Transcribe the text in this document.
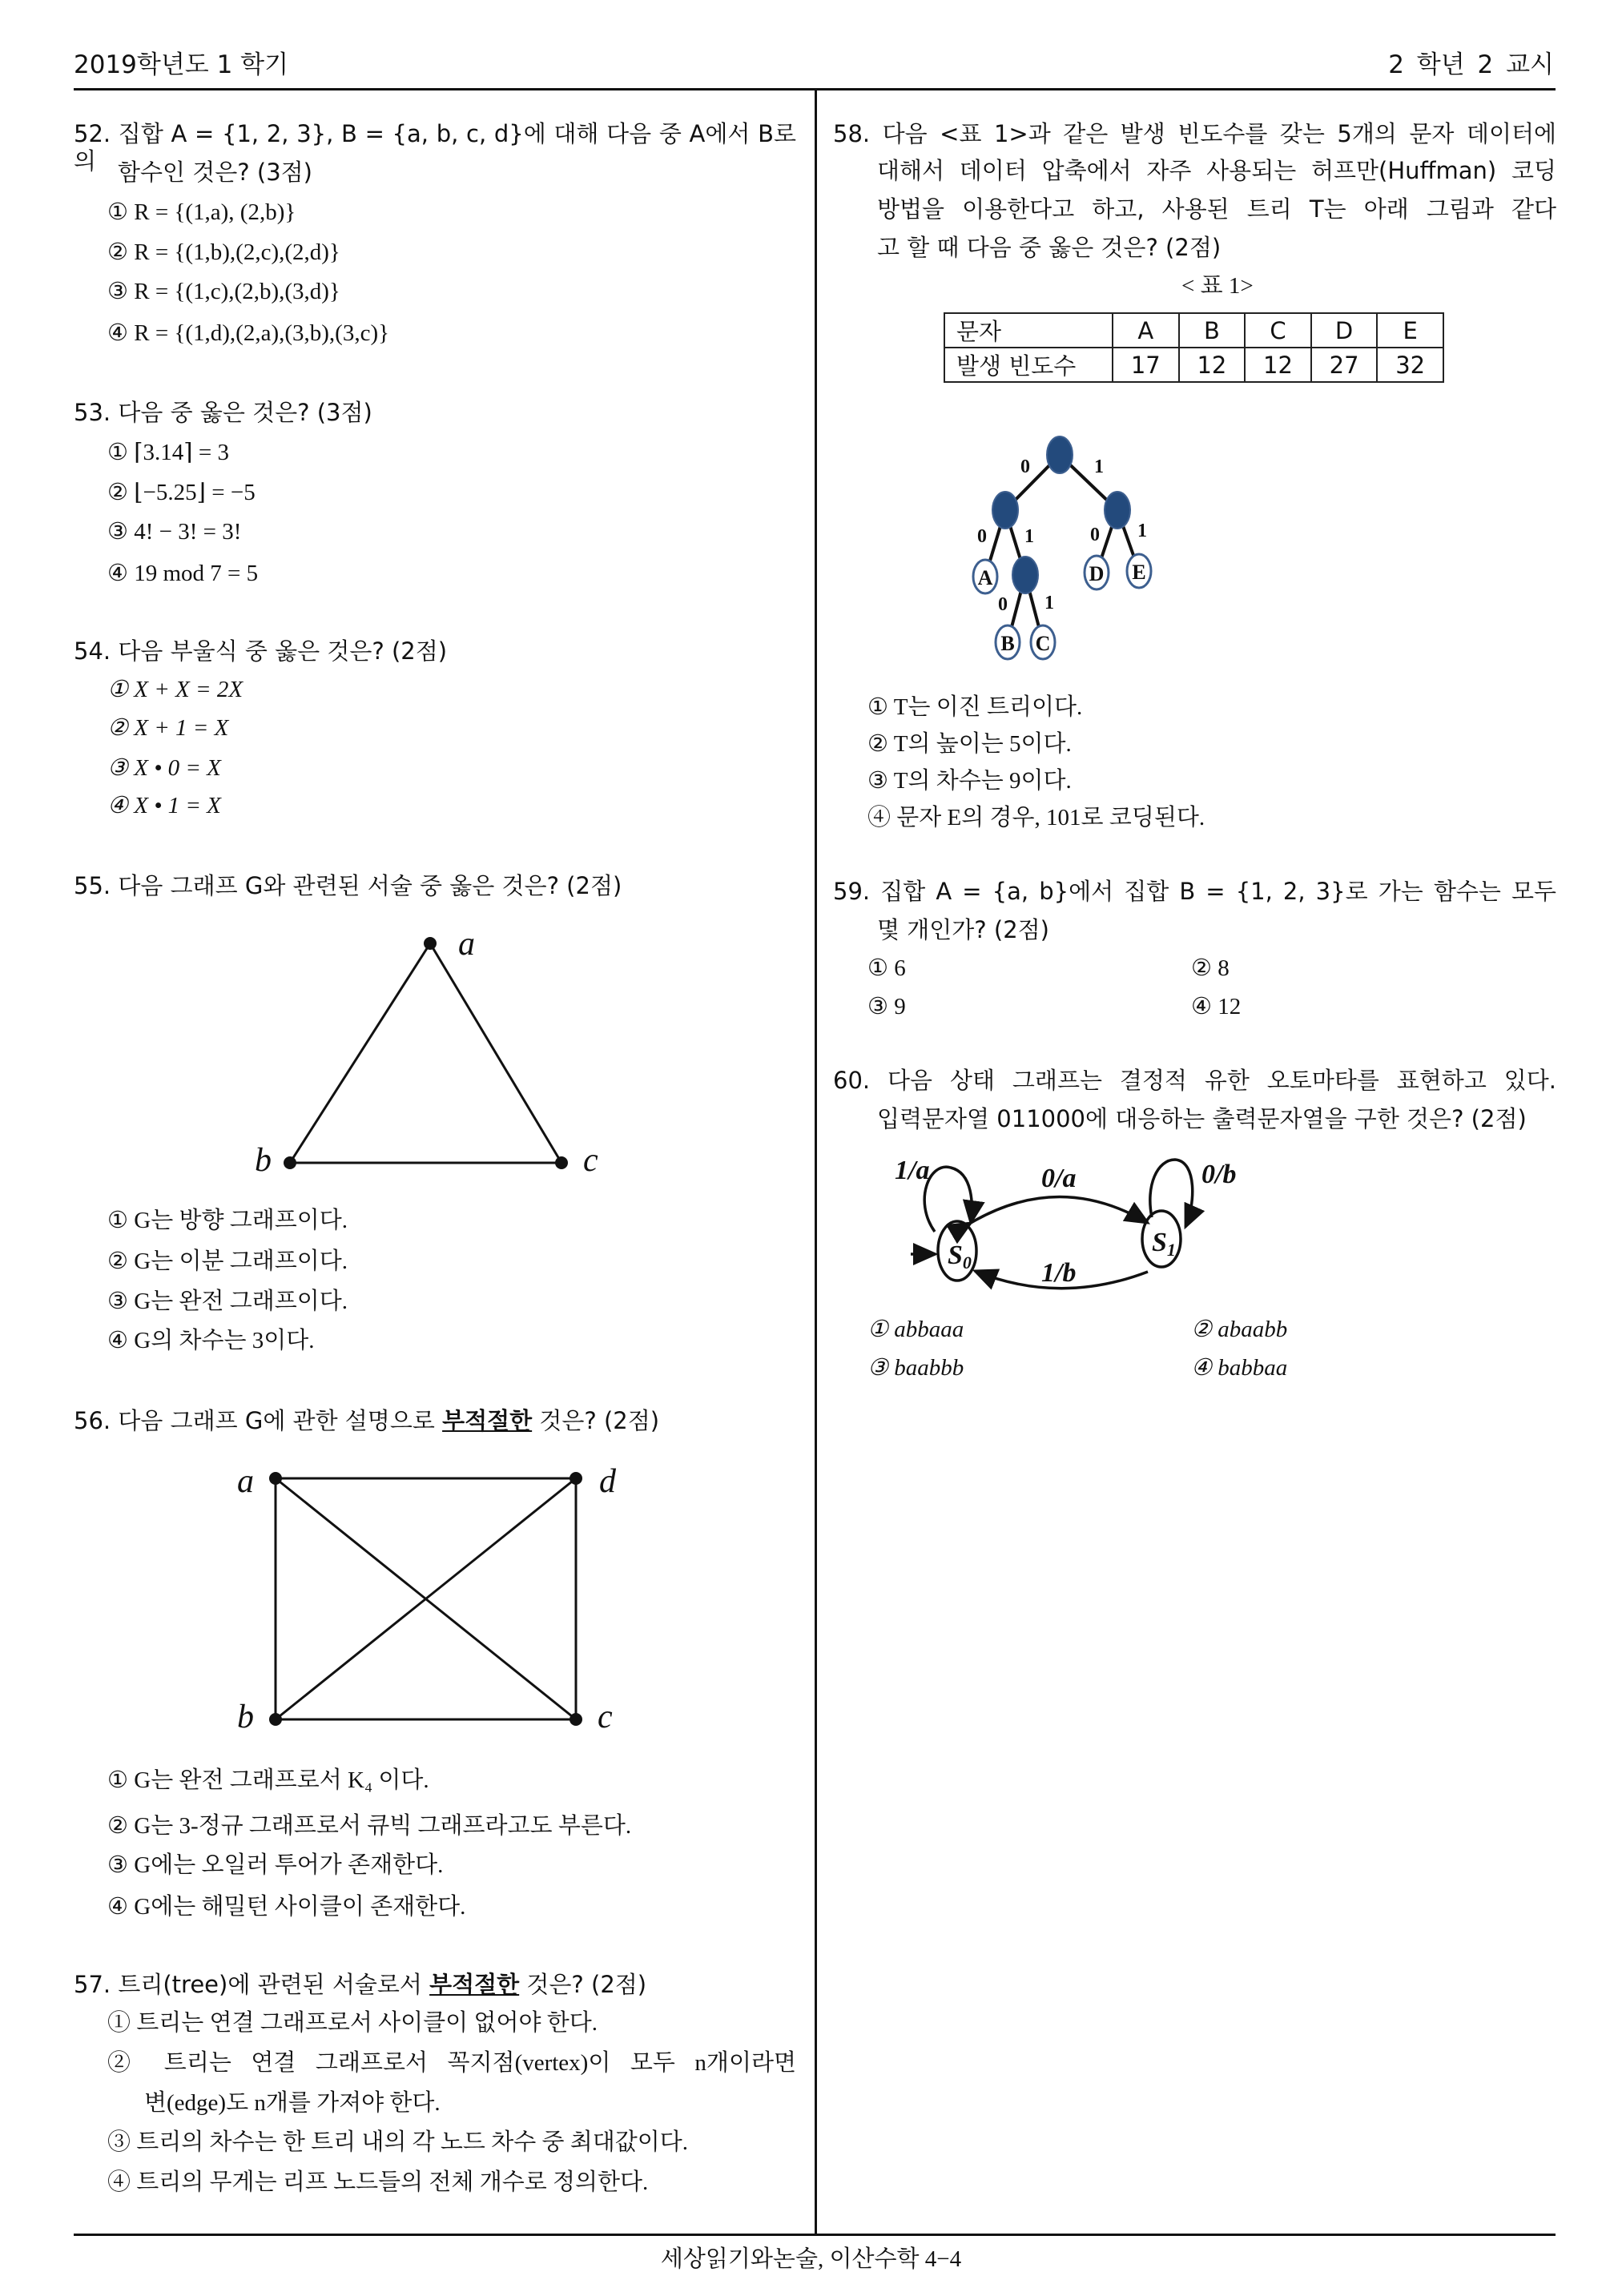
2019학년도 1 학기	2 학년 2 교시
세상읽기와논술, 이산수학 4−4
52. 집합 A = {1, 2, 3}, B = {a, b, c, d}에 대해 다음 중 A에서 B로의 함수인 것은? (3점)
① R = {(1,a), (2,b)}
② R = {(1,b),(2,c),(2,d)}
③ R = {(1,c),(2,b),(3,d)}
④ R = {(1,d),(2,a),(3,b),(3,c)}
53. 다음 중 옳은 것은? (3점)
① ⌈3.14⌉ = 3
② ⌊−5.25⌋ = −5
③ 4! − 3! = 3!
④ 19 mod 7 = 5
54. 다음 부울식 중 옳은 것은? (2점)
① X + X = 2X
② X + 1 = X
③ X • 0 = X
④ X • 1 = X
55. 다음 그래프 G와 관련된 서술 중 옳은 것은? (2점)
a
b	c
a	d
b	c
① G는 방향 그래프이다.
② G는 이분 그래프이다.
③ G는 완전 그래프이다.
④ G의 차수는 3이다.
56. 다음 그래프 G에 관한 설명으로 부적절한 것은? (2점)
① G는 완전 그래프로서 K₄ 이다.
② G는 3-정규 그래프로서 큐빅 그래프라고도 부른다.
③ G에는 오일러 투어가 존재한다.
④ G에는 해밀턴 사이클이 존재한다.
57. 트리(tree)에 관련된 서술로서 부적절한 것은? (2점)
① 트리는 연결 그래프로서 사이클이 없어야 한다.
② 트리는 연결 그래프로서 꼭지점(vertex)이 모두 n개이라면
변(edge)도 n개를 가져야 한다.
③ 트리의 차수는 한 트리 내의 각 노드 차수 중 최대값이다.
④ 트리의 무게는 리프 노드들의 전체 개수로 정의한다.
58. 다음 <표 1>과 같은 발생 빈도수를 갖는 5개의 문자 데이터에
대해서 데이터 압축에서 자주 사용되는 허프만(Huffman) 코딩
방법을 이용한다고 하고, 사용된 트리 T는 아래 그림과 같다
고 할 때 다음 중 옳은 것은? (2점)
< 표 1>
문자	A	B	C	D	E
발생 빈도수	17	12	12	27	32
A
B C
D E
0	1
0 1	0 1
0 1
① T는 이진 트리이다.
② T의 높이는 5이다.
③ T의 차수는 9이다.
④ 문자 E의 경우, 101로 코딩된다.
59. 집합 A = {a, b}에서 집합 B = {1, 2, 3}로 가는 함수는 모두
몇 개인가? (2점)
① 6	② 8
③ 9	④ 12
60. 다음 상태 그래프는 결정적 유한 오토마타를 표현하고 있다.
입력문자열 011000에 대응하는 출력문자열을 구한 것은? (2점)
S0
S1
1/a	0/a	0/b
1/b
① abbaaa	② abaabb
③ baabbb	④ babbaa
